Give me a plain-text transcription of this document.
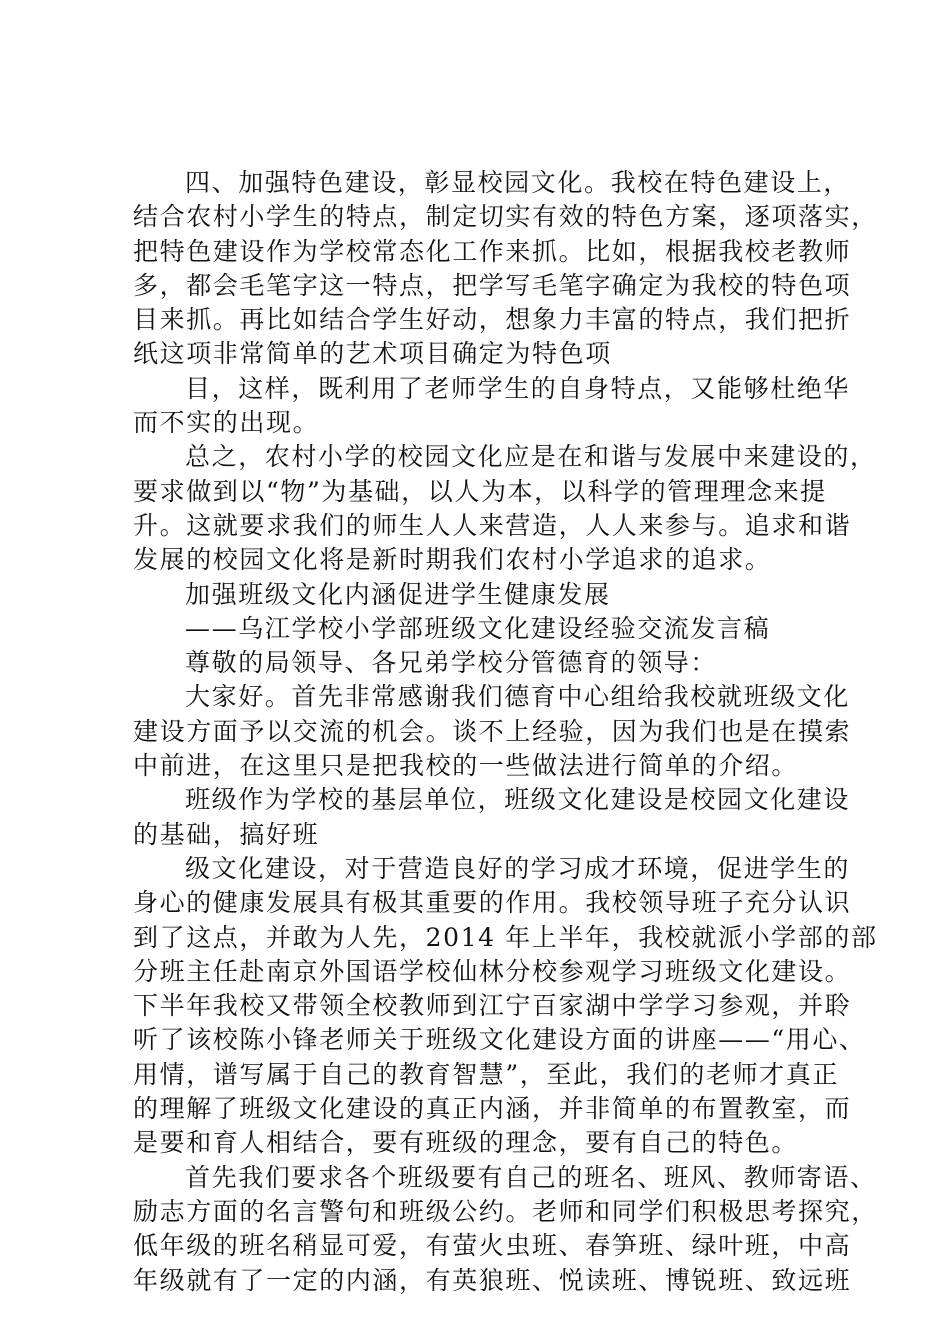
四、加强特色建设，彰显校园文化。我校在特色建设上，
结合农村小学生的特点，制定切实有效的特色方案，逐项落实，
把特色建设作为学校常态化工作来抓。比如，根据我校老教师
多，都会毛笔字这一特点，把学写毛笔字确定为我校的特色项
目来抓。再比如结合学生好动，想象力丰富的特点，我们把折
纸这项非常简单的艺术项目确定为特色项
目，这样，既利用了老师学生的自身特点，又能够杜绝华
而不实的出现。
总之，农村小学的校园文化应是在和谐与发展中来建设的，
要求做到以“物”为基础，以人为本，以科学的管理理念来提
升。这就要求我们的师生人人来营造，人人来参与。追求和谐
发展的校园文化将是新时期我们农村小学追求的追求。
加强班级文化内涵促进学生健康发展
——乌江学校小学部班级文化建设经验交流发言稿
尊敬的局领导、各兄弟学校分管德育的领导：
大家好。首先非常感谢我们德育中心组给我校就班级文化
建设方面予以交流的机会。谈不上经验，因为我们也是在摸索
中前进，在这里只是把我校的一些做法进行简单的介绍。
班级作为学校的基层单位，班级文化建设是校园文化建设
的基础，搞好班
级文化建设，对于营造良好的学习成才环境，促进学生的
身心的健康发展具有极其重要的作用。我校领导班子充分认识
到了这点，并敢为人先，2014 年上半年，我校就派小学部的部
分班主任赴南京外国语学校仙林分校参观学习班级文化建设。
下半年我校又带领全校教师到江宁百家湖中学学习参观，并聆
听了该校陈小锋老师关于班级文化建设方面的讲座——“用心、
用情，谱写属于自己的教育智慧”，至此，我们的老师才真正
的理解了班级文化建设的真正内涵，并非简单的布置教室，而
是要和育人相结合，要有班级的理念，要有自己的特色。
首先我们要求各个班级要有自己的班名、班风、教师寄语、
励志方面的名言警句和班级公约。老师和同学们积极思考探究，
低年级的班名稍显可爱，有萤火虫班、春笋班、绿叶班，中高
年级就有了一定的内涵，有英狼班、悦读班、博锐班、致远班
